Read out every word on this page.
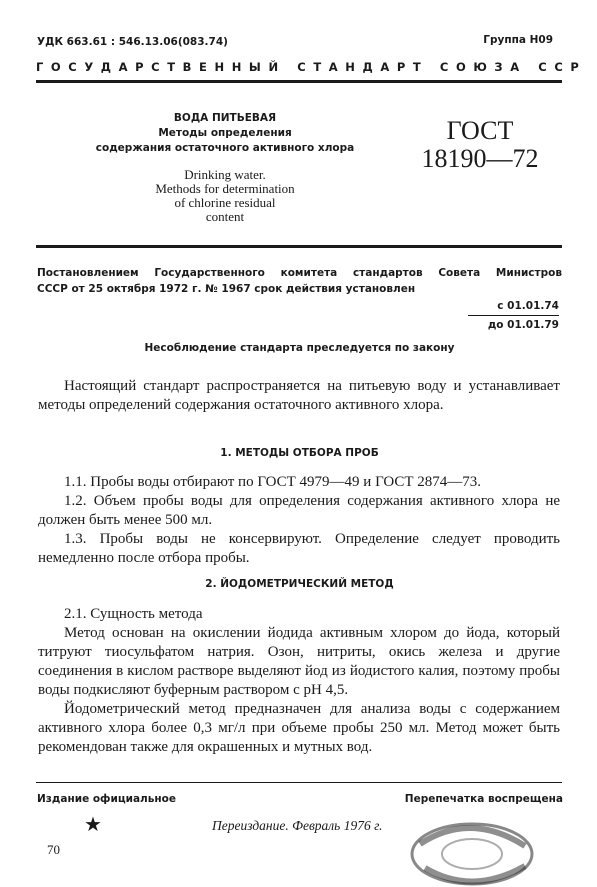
УДК 663.61 : 546.13.06(083.74)	Группа Н09
ГОСУДАРСТВЕННЫЙ СТАНДАРТ СОЮЗА ССР
ВОДА ПИТЬЕВАЯ
Методы определения
содержания остаточного активного хлора
Drinking water.
Methods for determination
of chlorine residual
content
ГОСТ
18190—72
Постановлением Государственного комитета стандартов Совета Министров
СССР от 25 октября 1972 г. № 1967 срок действия установлен
с 01.01.74
до 01.01.79
Несоблюдение стандарта преследуется по закону

Настоящий стандарт распространяется на питьевую воду и устанавливает методы определений содержания остаточного активного хлора.

1. МЕТОДЫ ОТБОРА ПРОБ

1.1. Пробы воды отбирают по ГОСТ 4979—49 и ГОСТ 2874—73.

1.2. Объем пробы воды для определения содержания активного хлора не должен быть менее 500 мл.

1.3. Пробы воды не консервируют. Определение следует проводить немедленно после отбора пробы.

2. ЙОДОМЕТРИЧЕСКИЙ МЕТОД

2.1. Сущность метода

Метод основан на окислении йодида активным хлором до йода, который титруют тиосульфатом натрия. Озон, нитриты, окись железа и другие соединения в кислом растворе выделяют йод из йодистого калия, поэтому пробы воды подкисляют буферным раствором с рН 4,5.

Йодометрический метод предназначен для анализа воды с содержанием активного хлора более 0,3 мг/л при объеме пробы 250 мл. Метод может быть рекомендован также для окрашенных и мутных вод.

Издание официальное	Перепечатка воспрещена
★	Переиздание. Февраль 1976 г.
70
